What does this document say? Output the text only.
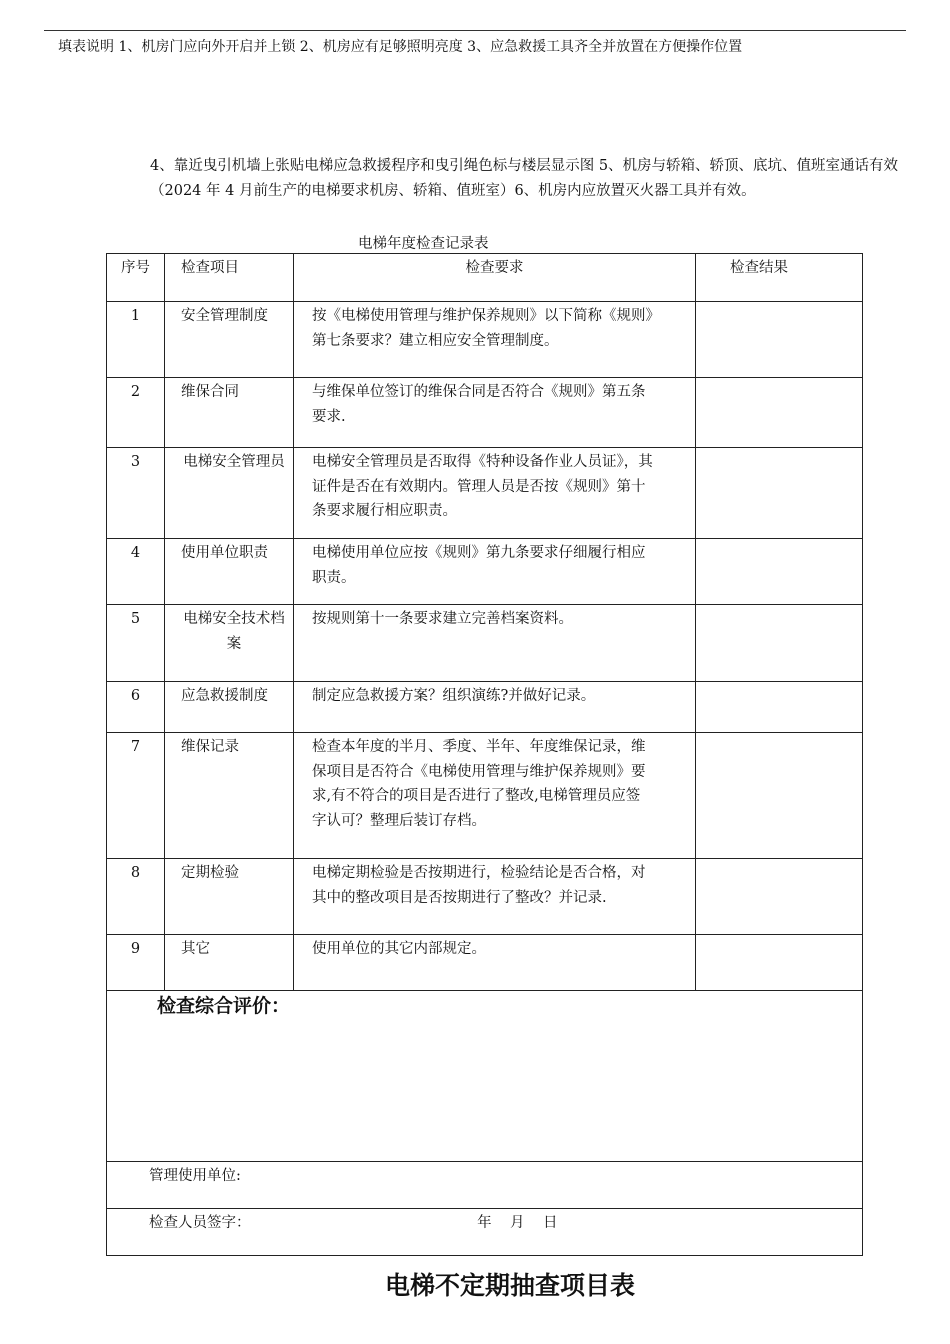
填表说明 1、机房门应向外开启并上锁 2、机房应有足够照明亮度 3、应急救援工具齐全并放置在方便操作位置
4、靠近曳引机墙上张贴电梯应急救援程序和曳引绳色标与楼层显示图 5、机房与轿箱、轿顶、底坑、值班室通话有效（2024 年 4 月前生产的电梯要求机房、轿箱、值班室）6、机房内应放置灭火器工具并有效。
电梯年度检查记录表
序号	检查项目	检查要求	检查结果
1	安全管理制度	按《电梯使用管理与维护保养规则》以下简称《规则》第七条要求？建立相应安全管理制度。	
2	维保合同	与维保单位签订的维保合同是否符合《规则》第五条要求.	
3	电梯安全管理员	电梯安全管理员是否取得《特种设备作业人员证》，其证件是否在有效期内。管理人员是否按《规则》第十条要求履行相应职责。	
4	使用单位职责	电梯使用单位应按《规则》第九条要求仔细履行相应职责。	
5	电梯安全技术档案	按规则第十一条要求建立完善档案资料。	
6	应急救援制度	制定应急救援方案？组织演练?并做好记录。	
7	维保记录	检查本年度的半月、季度、半年、年度维保记录，维保项目是否符合《电梯使用管理与维护保养规则》要求,有不符合的项目是否进行了整改,电梯管理员应签字认可？整理后装订存档。	
8	定期检验	电梯定期检验是否按期进行，检验结论是否合格，对其中的整改项目是否按期进行了整改？并记录.	
9	其它	使用单位的其它内部规定。	

检查综合评价：			

管理使用单位:			
检查人员签字： 年    月    日			
电梯不定期抽查项目表
